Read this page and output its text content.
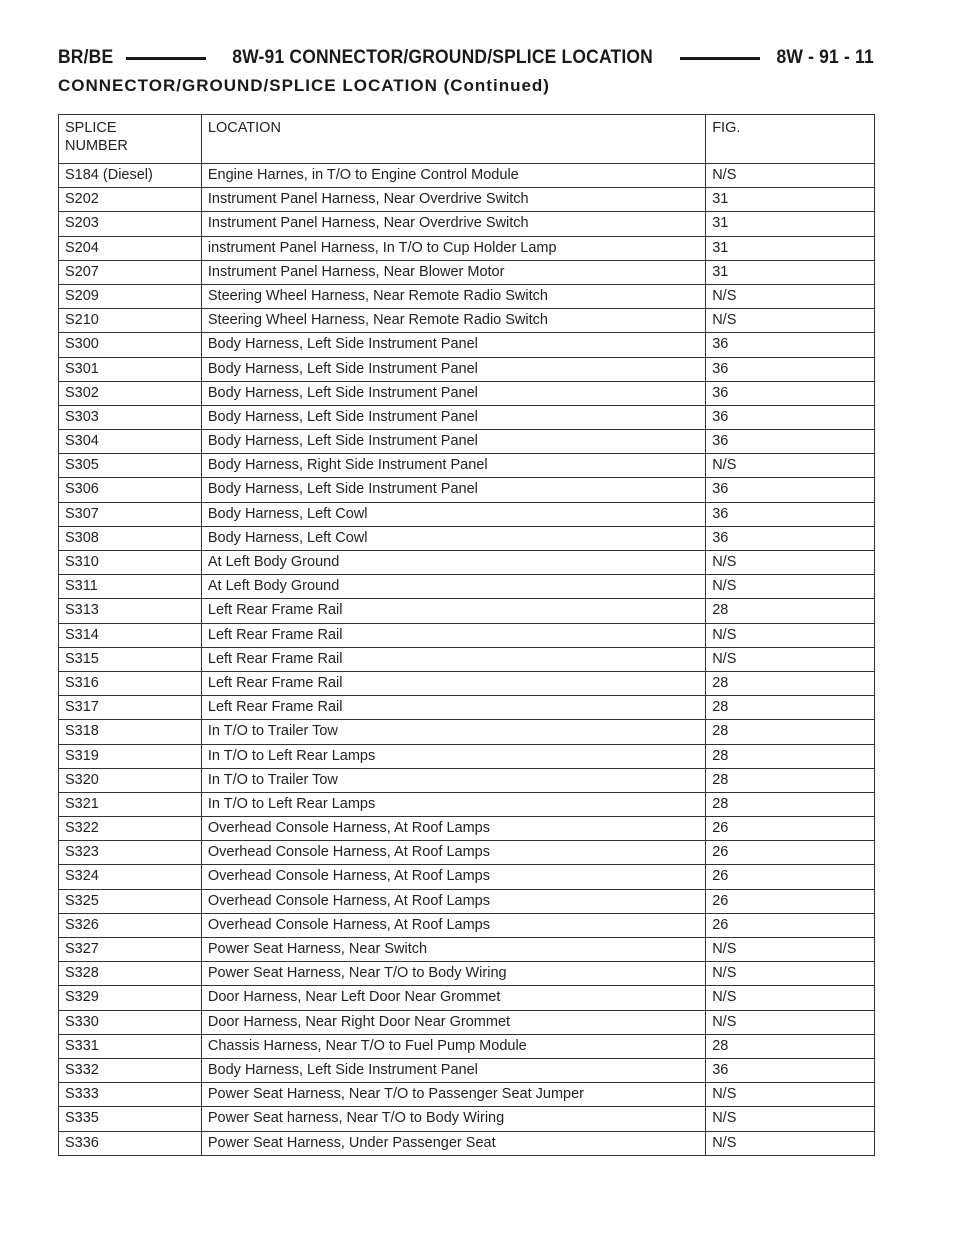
BR/BE	8W-91 CONNECTOR/GROUND/SPLICE LOCATION	8W - 91 - 11
CONNECTOR/GROUND/SPLICE LOCATION (Continued)
SPLICE
NUMBER	LOCATION	FIG.
S184 (Diesel)	Engine Harnes, in T/O to Engine Control Module	N/S
S202	Instrument Panel Harness, Near Overdrive Switch	31
S203	Instrument Panel Harness, Near Overdrive Switch	31
S204	instrument Panel Harness, In T/O to Cup Holder Lamp	31
S207	Instrument Panel Harness, Near Blower Motor	31
S209	Steering Wheel Harness, Near Remote Radio Switch	N/S
S210	Steering Wheel Harness, Near Remote Radio Switch	N/S
S300	Body Harness, Left Side Instrument Panel	36
S301	Body Harness, Left Side Instrument Panel	36
S302	Body Harness, Left Side Instrument Panel	36
S303	Body Harness, Left Side Instrument Panel	36
S304	Body Harness, Left Side Instrument Panel	36
S305	Body Harness, Right Side Instrument Panel	N/S
S306	Body Harness, Left Side Instrument Panel	36
S307	Body Harness, Left Cowl	36
S308	Body Harness, Left Cowl	36
S310	At Left Body Ground	N/S
S311	At Left Body Ground	N/S
S313	Left Rear Frame Rail	28
S314	Left Rear Frame Rail	N/S
S315	Left Rear Frame Rail	N/S
S316	Left Rear Frame Rail	28
S317	Left Rear Frame Rail	28
S318	In T/O to Trailer Tow	28
S319	In T/O to Left Rear Lamps	28
S320	In T/O to Trailer Tow	28
S321	In T/O to Left Rear Lamps	28
S322	Overhead Console Harness, At Roof Lamps	26
S323	Overhead Console Harness, At Roof Lamps	26
S324	Overhead Console Harness, At Roof Lamps	26
S325	Overhead Console Harness, At Roof Lamps	26
S326	Overhead Console Harness, At Roof Lamps	26
S327	Power Seat Harness, Near Switch	N/S
S328	Power Seat Harness, Near T/O to Body Wiring	N/S
S329	Door Harness, Near Left Door Near Grommet	N/S
S330	Door Harness, Near Right Door Near Grommet	N/S
S331	Chassis Harness, Near T/O to Fuel Pump Module	28
S332	Body Harness, Left Side Instrument Panel	36
S333	Power Seat Harness, Near T/O to Passenger Seat Jumper	N/S
S335	Power Seat harness, Near T/O to Body Wiring	N/S
S336	Power Seat Harness, Under Passenger Seat	N/S
